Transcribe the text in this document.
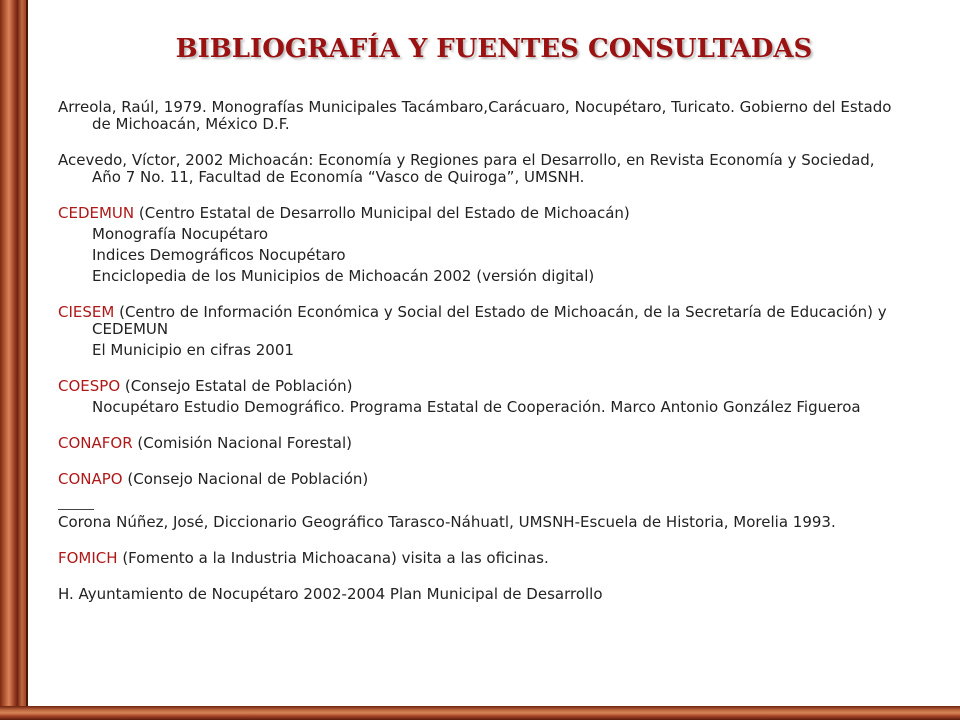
BIBLIOGRAFÍA Y FUENTES CONSULTADAS

Arreola, Raúl, 1979. Monografías Municipales Tacámbaro,Carácuaro, Nocupétaro, Turicato. Gobierno del Estado de Michoacán, México D.F.

Acevedo, Víctor, 2002 Michoacán: Economía y Regiones para el Desarrollo, en Revista Economía y Sociedad, Año 7 No. 11, Facultad de Economía “Vasco de Quiroga”, UMSNH.

CEDEMUN (Centro Estatal de Desarrollo Municipal del Estado de Michoacán)
Monografía Nocupétaro
Indices Demográficos Nocupétaro
Enciclopedia de los Municipios de Michoacán 2002 (versión digital)
CIESEM (Centro de Información Económica y Social del Estado de Michoacán, de la Secretaría de Educación) y CEDEMUN
El Municipio en cifras 2001
COESPO (Consejo Estatal de Población)
Nocupétaro Estudio Demográfico. Programa Estatal de Cooperación. Marco Antonio González Figueroa
CONAFOR (Comisión Nacional Forestal)
CONAPO (Consejo Nacional de Población)

Corona Núñez, José, Diccionario Geográfico Tarasco-Náhuatl, UMSNH-Escuela de Historia, Morelia 1993.

FOMICH (Fomento a la Industria Michoacana) visita a las oficinas.

H. Ayuntamiento de Nocupétaro 2002-2004 Plan Municipal de Desarrollo
